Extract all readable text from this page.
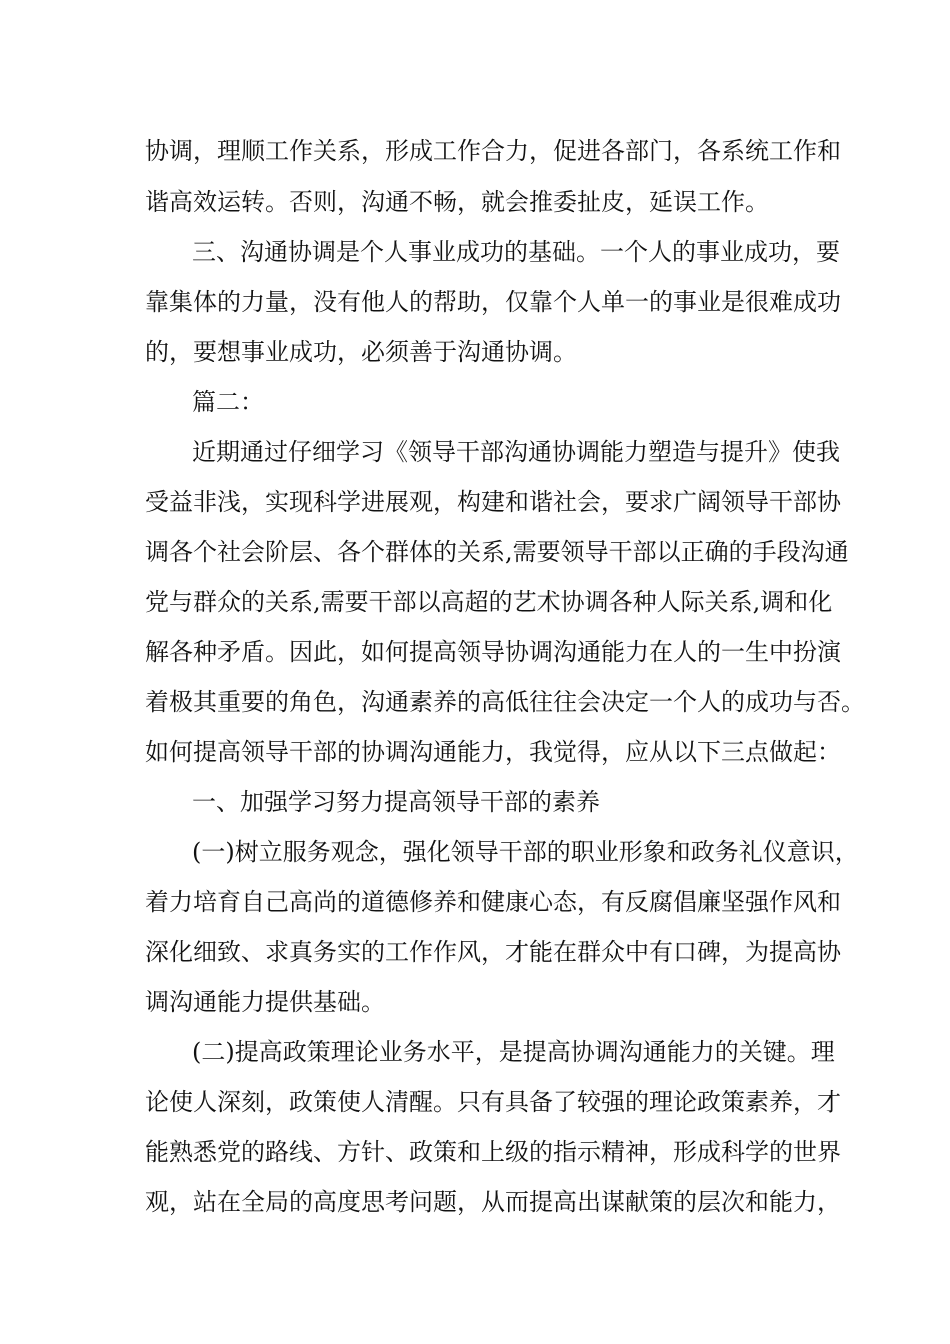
协调，理顺工作关系，形成工作合力，促进各部门，各系统工作和
谐高效运转。否则，沟通不畅，就会推委扯皮，延误工作。
三、沟通协调是个人事业成功的基础。一个人的事业成功，要
靠集体的力量，没有他人的帮助，仅靠个人单一的事业是很难成功
的，要想事业成功，必须善于沟通协调。
篇二：
近期通过仔细学习《领导干部沟通协调能力塑造与提升》使我
受益非浅，实现科学进展观，构建和谐社会，要求广阔领导干部协
调各个社会阶层、各个群体的关系,需要领导干部以正确的手段沟通
党与群众的关系,需要干部以高超的艺术协调各种人际关系,调和化
解各种矛盾。因此，如何提高领导协调沟通能力在人的一生中扮演
着极其重要的角色，沟通素养的高低往往会决定一个人的成功与否。
如何提高领导干部的协调沟通能力，我觉得，应从以下三点做起：
一、加强学习努力提高领导干部的素养
(一)树立服务观念，强化领导干部的职业形象和政务礼仪意识，
着力培育自己高尚的道德修养和健康心态，有反腐倡廉坚强作风和
深化细致、求真务实的工作作风，才能在群众中有口碑，为提高协
调沟通能力提供基础。
(二)提高政策理论业务水平，是提高协调沟通能力的关键。理
论使人深刻，政策使人清醒。只有具备了较强的理论政策素养，才
能熟悉党的路线、方针、政策和上级的指示精神，形成科学的世界
观，站在全局的高度思考问题，从而提高出谋献策的层次和能力，
